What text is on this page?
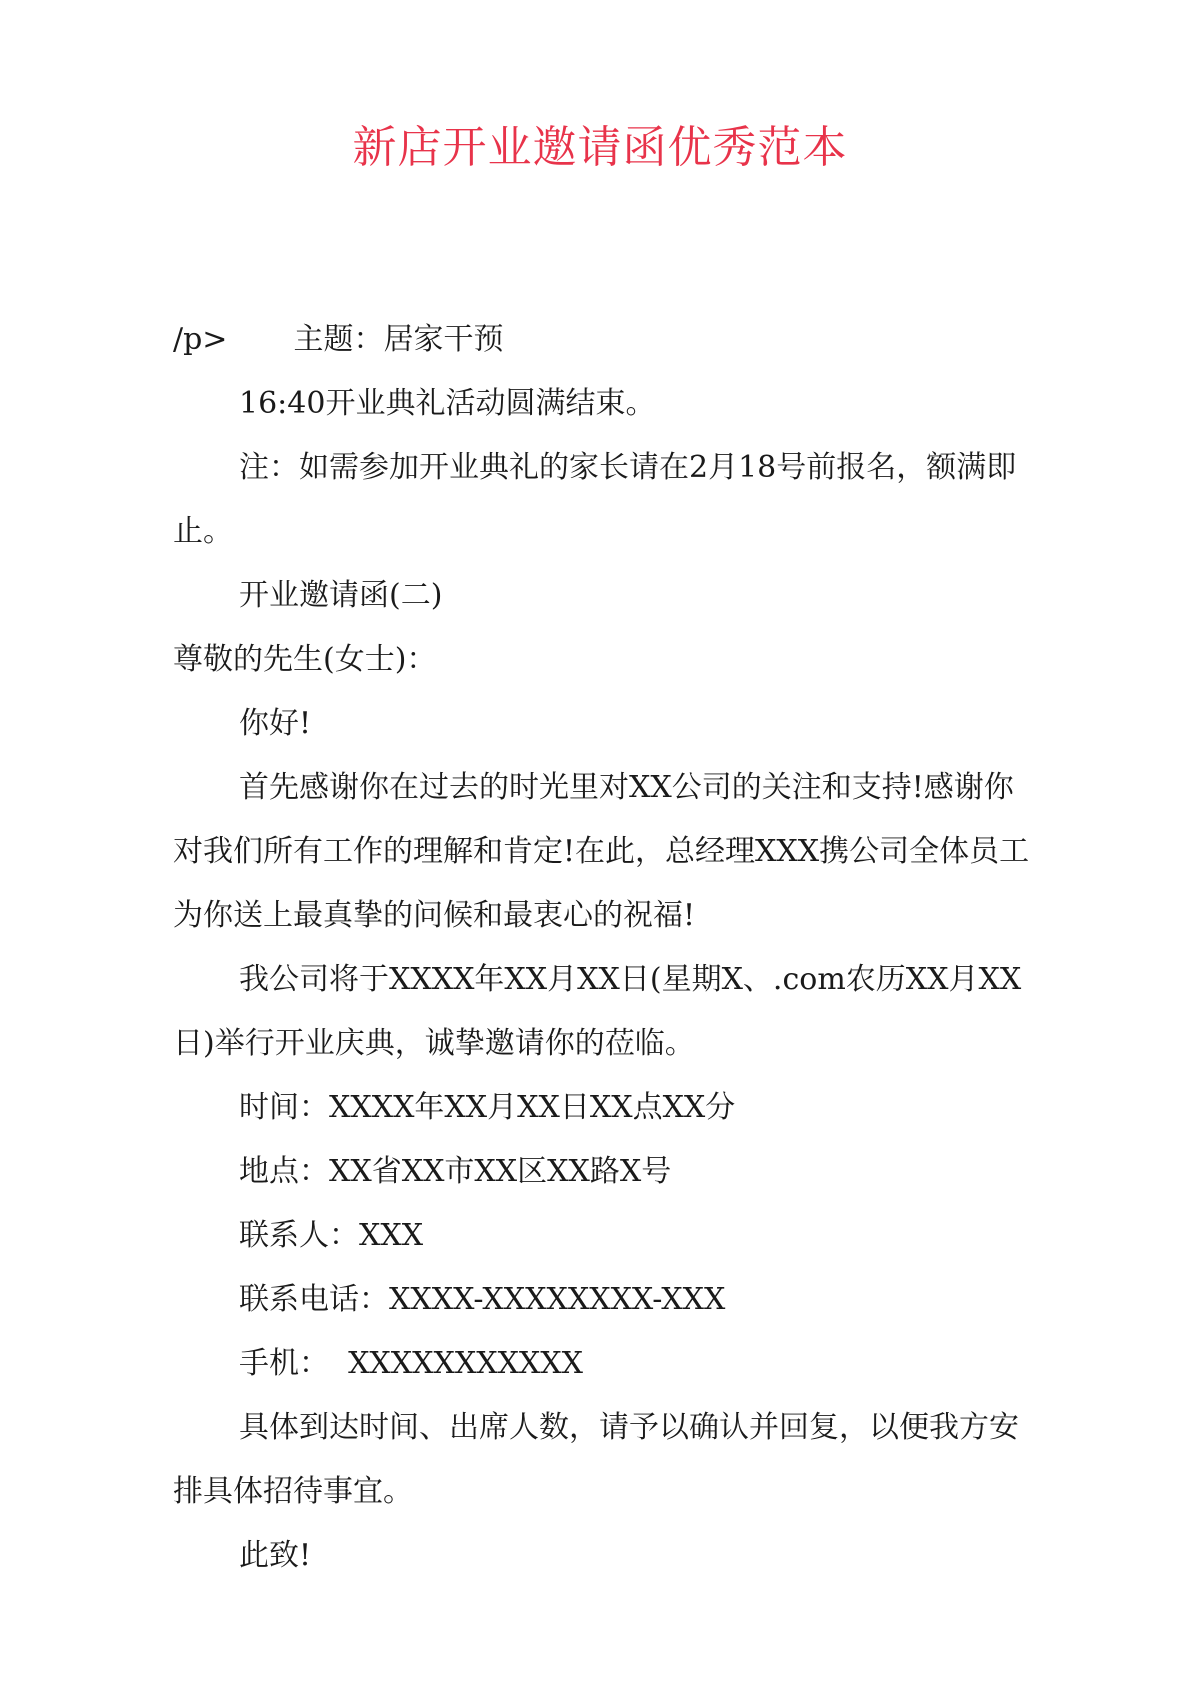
新店开业邀请函优秀范本

/p> 主题：居家干预

16:40开业典礼活动圆满结束。

注：如需参加开业典礼的家长请在2月18号前报名，额满即止。

开业邀请函(二)

尊敬的先生(女士)：

你好!

首先感谢你在过去的时光里对XX公司的关注和支持!感谢你对我们所有工作的理解和肯定!在此，总经理XXX携公司全体员工为你送上最真挚的问候和最衷心的祝福!

我公司将于XXXX年XX月XX日(星期X、.com农历XX月XX日)举行开业庆典，诚挚邀请你的莅临。

时间：XXXX年XX月XX日XX点XX分

地点：XX省XX市XX区XX路X号

联系人：XXX

联系电话：XXXX-XXXXXXXX-XXX

手机：  XXXXXXXXXXX

具体到达时间、出席人数，请予以确认并回复，以便我方安排具体招待事宜。

此致!
